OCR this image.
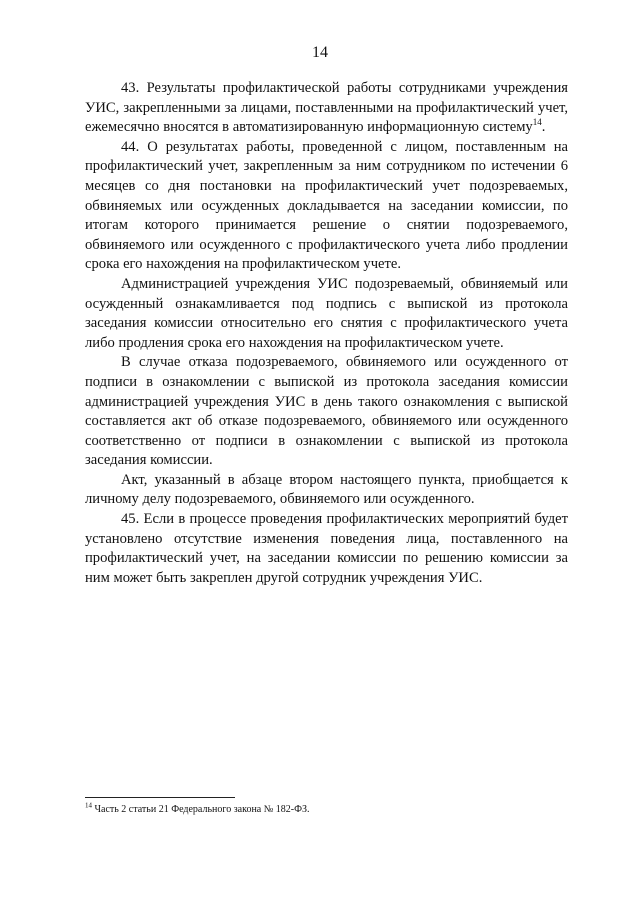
14

43. Результаты профилактической работы сотрудниками учреждения УИС, закрепленными за лицами, поставленными на профилактический учет, ежемесячно вносятся в автоматизированную информационную систему$^{14}$.

44. О результатах работы, проведенной с лицом, поставленным на профилактический учет, закрепленным за ним сотрудником по истечении 6 месяцев со дня постановки на профилактический учет подозреваемых, обвиняемых или осужденных докладывается на заседании комиссии, по итогам которого принимается решение о снятии подозреваемого, обвиняемого или осужденного с профилактического учета либо продлении срока его нахождения на профилактическом учете.

Администрацией учреждения УИС подозреваемый, обвиняемый или осужденный ознакамливается под подпись с выпиской из протокола заседания комиссии относительно его снятия с профилактического учета либо продления срока его нахождения на профилактическом учете.

В случае отказа подозреваемого, обвиняемого или осужденного от подписи в ознакомлении с выпиской из протокола заседания комиссии администрацией учреждения УИС в день такого ознакомления с выпиской составляется акт об отказе подозреваемого, обвиняемого или осужденного соответственно от подписи в ознакомлении с выпиской из протокола заседания комиссии.

Акт, указанный в абзаце втором настоящего пункта, приобщается к личному делу подозреваемого, обвиняемого или осужденного.

45. Если в процессе проведения профилактических мероприятий будет установлено отсутствие изменения поведения лица, поставленного на профилактический учет, на заседании комиссии по решению комиссии за ним может быть закреплен другой сотрудник учреждения УИС.

$^{14}$ Часть 2 статьи 21 Федерального закона № 182-ФЗ.
